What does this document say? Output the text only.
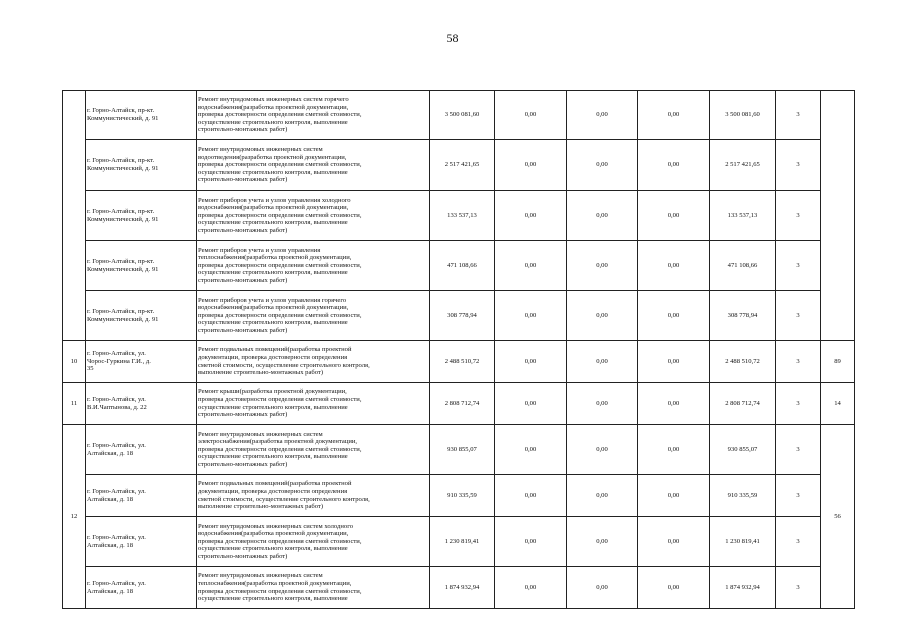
58
	г. Горно-Алтайск, пр-кт.
Коммунистический, д. 91	Ремонт внутридомовых инженерных систем горячего
водоснабжения(разработка проектной документации,
проверка достоверности определения сметной стоимости,
осуществление строительного контроля, выполнение
строительно-монтажных работ)	3 500 081,60	0,00	0,00	0,00	3 500 081,60	3	
	г. Горно-Алтайск, пр-кт.
Коммунистический, д. 91	Ремонт внутридомовых инженерных систем
водоотведения(разработка проектной документации,
проверка достоверности определения сметной стоимости,
осуществление строительного контроля, выполнение
строительно-монтажных работ)	2 517 421,65	0,00	0,00	0,00	2 517 421,65	3	
	г. Горно-Алтайск, пр-кт.
Коммунистический, д. 91	Ремонт приборов учета и узлов управления холодного
водоснабжения(разработка проектной документации,
проверка достоверности определения сметной стоимости,
осуществление строительного контроля, выполнение
строительно-монтажных работ)	133 537,13	0,00	0,00	0,00	133 537,13	3	
	г. Горно-Алтайск, пр-кт.
Коммунистический, д. 91	Ремонт приборов учета и узлов управления
теплоснабжения(разработка проектной документации,
проверка достоверности определения сметной стоимости,
осуществление строительного контроля, выполнение
строительно-монтажных работ)	471 108,66	0,00	0,00	0,00	471 108,66	3	
	г. Горно-Алтайск, пр-кт.
Коммунистический, д. 91	Ремонт приборов учета и узлов управления горячего
водоснабжения(разработка проектной документации,
проверка достоверности определения сметной стоимости,
осуществление строительного контроля, выполнение
строительно-монтажных работ)	308 778,94	0,00	0,00	0,00	308 778,94	3	
10	г. Горно-Алтайск, ул.
Чорос-Гуркина Г.И., д.
35	Ремонт подвальных помещений(разработка проектной
документации, проверка достоверности определения
сметной стоимости, осуществление строительного контроля,
выполнение строительно-монтажных работ)	2 488 510,72	0,00	0,00	0,00	2 488 510,72	3	89
11	г. Горно-Алтайск, ул.
В.И.Чаптынова, д. 22	Ремонт крыши(разработка проектной документации,
проверка достоверности определения сметной стоимости,
осуществление строительного контроля, выполнение
строительно-монтажных работ)	2 808 712,74	0,00	0,00	0,00	2 808 712,74	3	14
12	г. Горно-Алтайск, ул.
Алтайская, д. 18	Ремонт внутридомовых инженерных систем
электроснабжения(разработка проектной документации,
проверка достоверности определения сметной стоимости,
осуществление строительного контроля, выполнение
строительно-монтажных работ)	930 855,07	0,00	0,00	0,00	930 855,07	3	56
	г. Горно-Алтайск, ул.
Алтайская, д. 18	Ремонт подвальных помещений(разработка проектной
документации, проверка достоверности определения
сметной стоимости, осуществление строительного контроля,
выполнение строительно-монтажных работ)	910 335,59	0,00	0,00	0,00	910 335,59	3	
	г. Горно-Алтайск, ул.
Алтайская, д. 18	Ремонт внутридомовых инженерных систем холодного
водоснабжения(разработка проектной документации,
проверка достоверности определения сметной стоимости,
осуществление строительного контроля, выполнение
строительно-монтажных работ)	1 230 819,41	0,00	0,00	0,00	1 230 819,41	3	
	г. Горно-Алтайск, ул.
Алтайская, д. 18	Ремонт внутридомовых инженерных систем
теплоснабжения(разработка проектной документации,
проверка достоверности определения сметной стоимости,
осуществление строительного контроля, выполнение	1 874 932,94	0,00	0,00	0,00	1 874 932,94	3	
